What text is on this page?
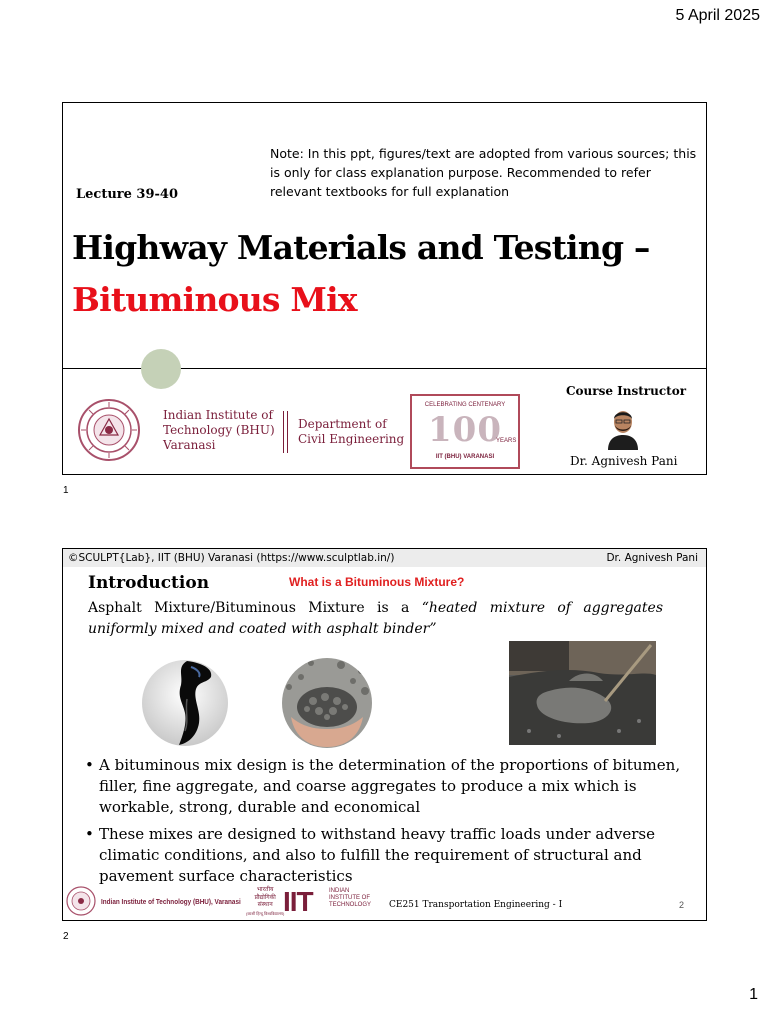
5 April 2025
1
2
1
Note: In this ppt, figures/text are adopted from various sources; this is only for class explanation purpose. Recommended to refer relevant textbooks for full explanation
Lecture 39-40
Highway Materials and Testing –
Bituminous Mix
Indian Institute of
Technology (BHU)
Varanasi
Department of
Civil Engineering
CELEBRATING CENTENARY
100
YEARS
IIT (BHU) VARANASI
Course Instructor
Dr. Agnivesh Pani
©SCULPT{Lab}, IIT (BHU) Varanasi (https://www.sculptlab.in/)	Dr. Agnivesh Pani
Introduction	What is a Bituminous Mixture?
Asphalt Mixture/Bituminous Mixture is a “heated mixture of aggregates uniformly mixed and coated with asphalt binder”
• A bituminous mix design is the determination of the proportions of bitumen, filler, fine aggregate, and coarse aggregates to produce a mix which is workable, strong, durable and economical
• These mixes are designed to withstand heavy traffic loads under adverse climatic conditions, and also to fulfill the requirement of structural and pavement surface characteristics
Indian Institute of Technology (BHU), Varanasi
भारतीय
प्रौद्योगिकी
संस्थान
(काशी हिन्दू विश्वविद्यालय)
IIT	INDIAN
INSTITUTE OF
TECHNOLOGY CE251 Transportation Engineering - I	2
